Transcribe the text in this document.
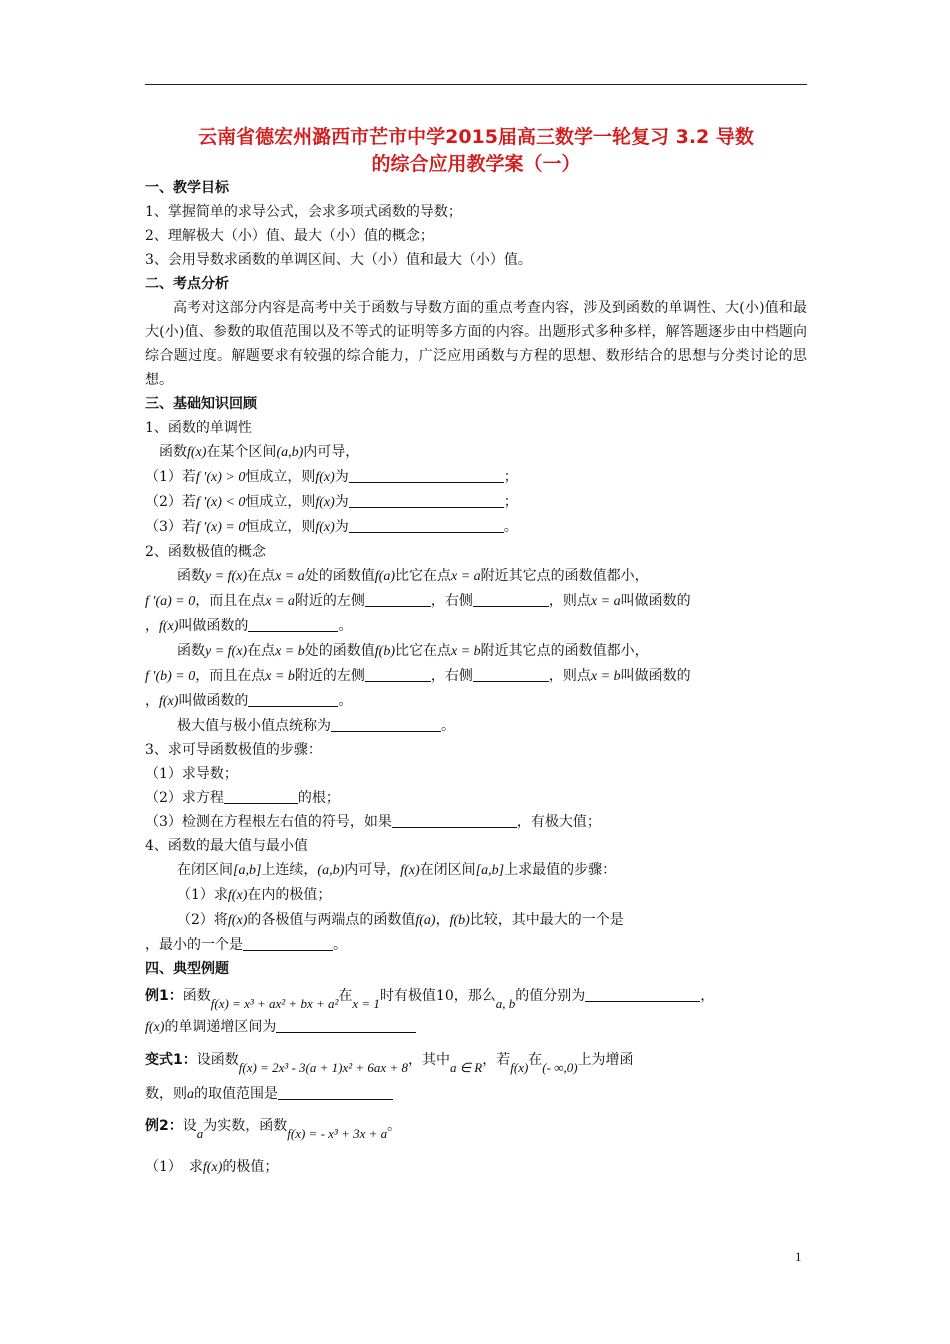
云南省德宏州潞西市芒市中学2015届高三数学一轮复习 3.2 导数
的综合应用教学案（一）
一、教学目标
1、掌握简单的求导公式，会求多项式函数的导数；
2、理解极大（小）值、最大（小）值的概念；
3、会用导数求函数的单调区间、大（小）值和最大（小）值。
二、考点分析
高考对这部分内容是高考中关于函数与导数方面的重点考查内容，涉及到函数的单调性、大(小)值和最大(小)值、参数的取值范围以及不等式的证明等多方面的内容。出题形式多种多样，解答题逐步由中档题向综合题过度。解题要求有较强的综合能力，广泛应用函数与方程的思想、数形结合的思想与分类讨论的思想。
三、基础知识回顾
1、函数的单调性
函数f(x)在某个区间(a,b)内可导，
（1）若f ′(x) > 0恒成立，则f(x)为	；
（2）若f ′(x) < 0恒成立，则f(x)为	；
（3）若f ′(x) = 0恒成立，则f(x)为	。
2、函数极值的概念
函数y = f(x)在点x = a处的函数值f(a)比它在点x = a附近其它点的函数值都小，
f ′(a) = 0，而且在点x = a附近的左侧	，右侧	，则点x = a叫做函数的
，f(x)叫做函数的	。
函数y = f(x)在点x = b处的函数值f(b)比它在点x = b附近其它点的函数值都小，
f ′(b) = 0，而且在点x = b附近的左侧	，右侧	，则点x = b叫做函数的
，f(x)叫做函数的	。
极大值与极小值点统称为	。
3、求可导函数极值的步骤：
（1）求导数；
（2）求方程	的根；
（3）检测在方程根左右值的符号，如果	，有极大值；
4、函数的最大值与最小值
在闭区间[a,b]上连续，(a,b)内可导，f(x)在闭区间[a,b]上求最值的步骤：
（1）求f(x)在内的极值；
（2）将f(x)的各极值与两端点的函数值f(a)，f(b)比较，其中最大的一个是
，最小的一个是	。
四、典型例题
例1：函数f(x) = x³ + ax² + bx + a²在x = 1时有极值10，那么a, b的值分别为	，
f(x)的单调递增区间为
变式1：设函数f(x) = 2x³ - 3(a + 1)x² + 6ax + 8，其中a ∈ R，若f(x)在(- ∞,0)上为增函
数，则a的取值范围是
例2：设a为实数，函数f(x) = - x³ + 3x + a。
（1）　求f(x)的极值；
1
